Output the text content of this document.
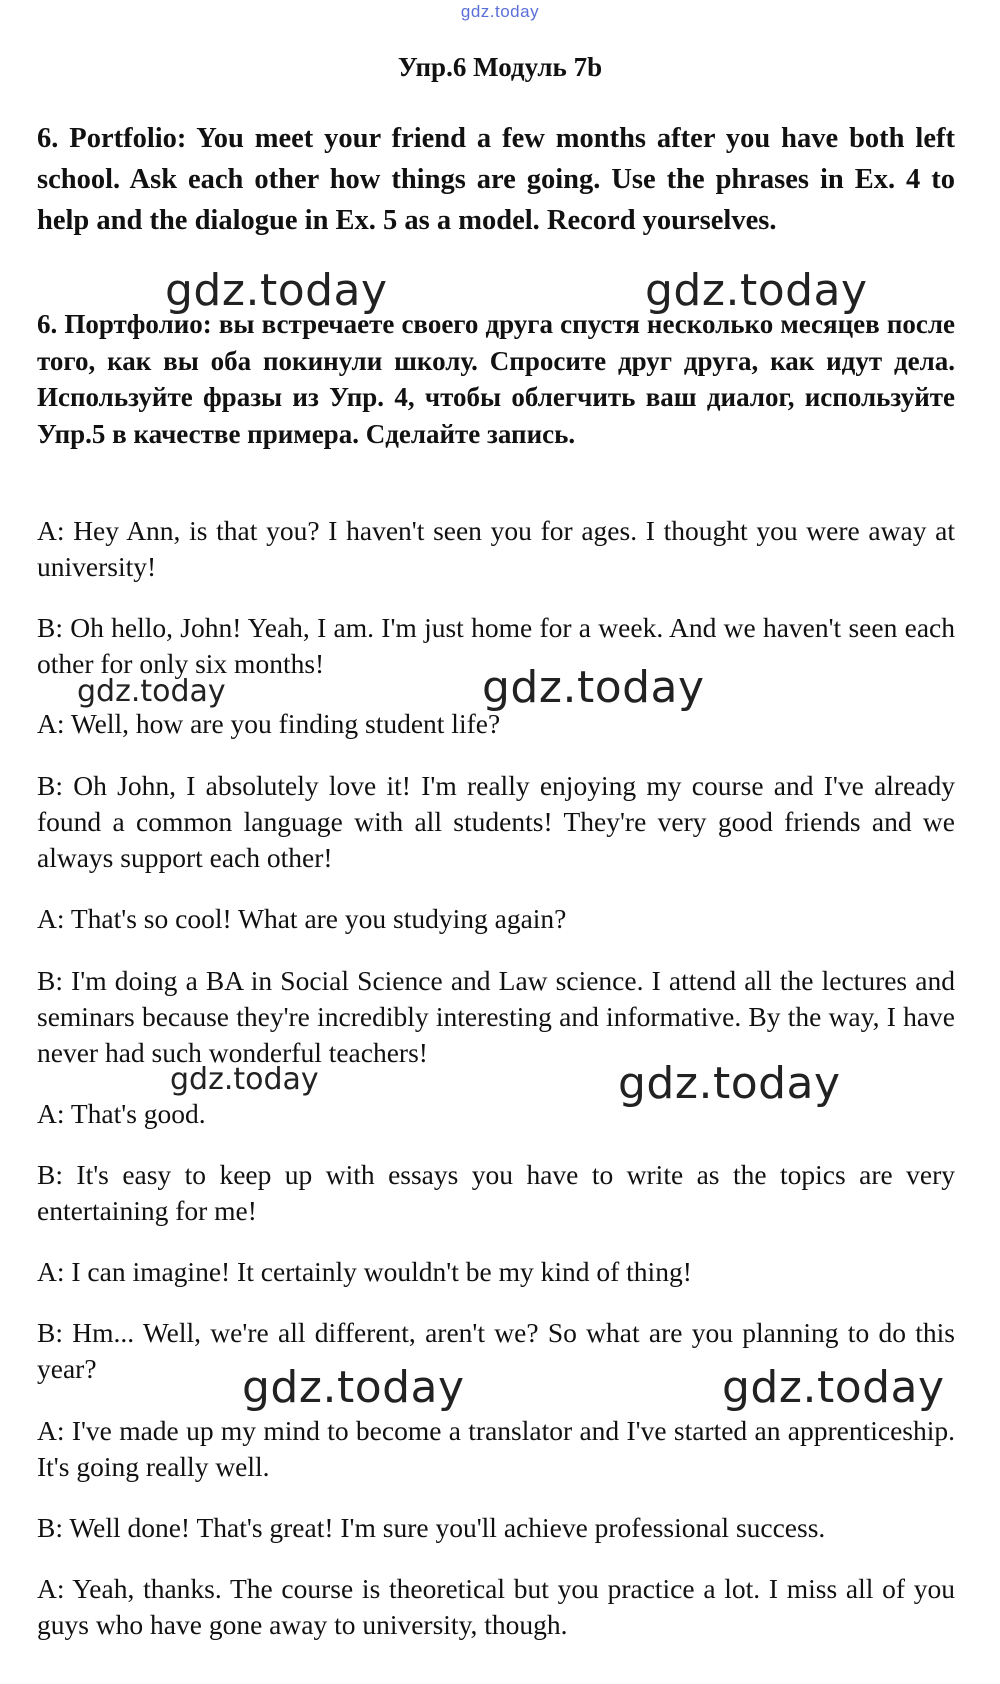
gdz.today
Упр.6 Модуль 7b

6. Portfolio: You meet your friend a few months after you have both left school. Ask each other how things are going. Use the phrases in Ex. 4 to help and the dialogue in Ex. 5 as a model. Record yourselves.

6. Портфолио: вы встречаете своего друга спустя несколько месяцев после того, как вы оба покинули школу. Спросите друг друга, как идут дела. Используйте фразы из Упр. 4, чтобы облегчить ваш диалог, используйте Упр.5 в качестве примера. Сделайте запись.

A: Hey Ann, is that you? I haven't seen you for ages. I thought you were away at university!

B: Oh hello, John! Yeah, I am. I'm just home for a week. And we haven't seen each other for only six months!

A: Well, how are you finding student life?

B: Oh John, I absolutely love it! I'm really enjoying my course and I've already found a common language with all students! They're very good friends and we always support each other!

A: That's so cool! What are you studying again?

B: I'm doing a BA in Social Science and Law science. I attend all the lectures and seminars because they're incredibly interesting and informative. By the way, I have never had such wonderful teachers!

A: That's good.

B: It's easy to keep up with essays you have to write as the topics are very entertaining for me!

A: I can imagine! It certainly wouldn't be my kind of thing!

B: Hm... Well, we're all different, aren't we? So what are you planning to do this year?

A: I've made up my mind to become a translator and I've started an apprenticeship. It's going really well.

B: Well done! That's great! I'm sure you'll achieve professional success.

A: Yeah, thanks. The course is theoretical but you practice a lot. I miss all of you guys who have gone away to university, though.

gdz.today	gdz.today
gdz.today	gdz.today
gdz.today	gdz.today
gdz.today	gdz.today
